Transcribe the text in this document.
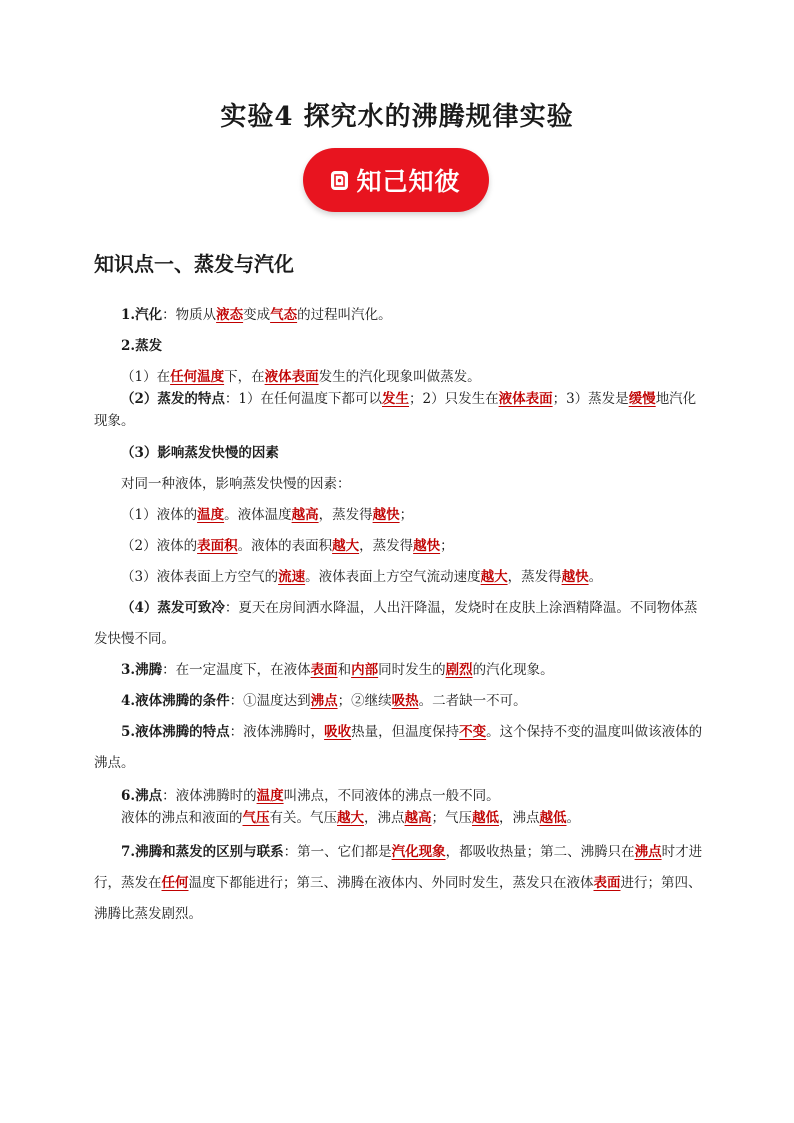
实验4 探究水的沸腾规律实验
知己知彼
知识点一、蒸发与汽化

1.汽化：物质从液态变成气态的过程叫汽化。

2.蒸发

（1）在任何温度下，在液体表面发生的汽化现象叫做蒸发。

（2）蒸发的特点：1）在任何温度下都可以发生；2）只发生在液体表面；3）蒸发是缓慢地汽化现象。

（3）影响蒸发快慢的因素

对同一种液体，影响蒸发快慢的因素：

（1）液体的温度。液体温度越高，蒸发得越快；

（2）液体的表面积。液体的表面积越大，蒸发得越快；

（3）液体表面上方空气的流速。液体表面上方空气流动速度越大，蒸发得越快。

（4）蒸发可致冷：夏天在房间洒水降温，人出汗降温，发烧时在皮肤上涂酒精降温。不同物体蒸发快慢不同。

3.沸腾：在一定温度下，在液体表面和内部同时发生的剧烈的汽化现象。

4.液体沸腾的条件：①温度达到沸点；②继续吸热。二者缺一不可。

5.液体沸腾的特点：液体沸腾时，吸收热量，但温度保持不变。这个保持不变的温度叫做该液体的沸点。

6.沸点：液体沸腾时的温度叫沸点，不同液体的沸点一般不同。

液体的沸点和液面的气压有关。气压越大，沸点越高；气压越低，沸点越低。

7.沸腾和蒸发的区别与联系：第一、它们都是汽化现象，都吸收热量；第二、沸腾只在沸点时才进行，蒸发在任何温度下都能进行；第三、沸腾在液体内、外同时发生，蒸发只在液体表面进行；第四、沸腾比蒸发剧烈。
